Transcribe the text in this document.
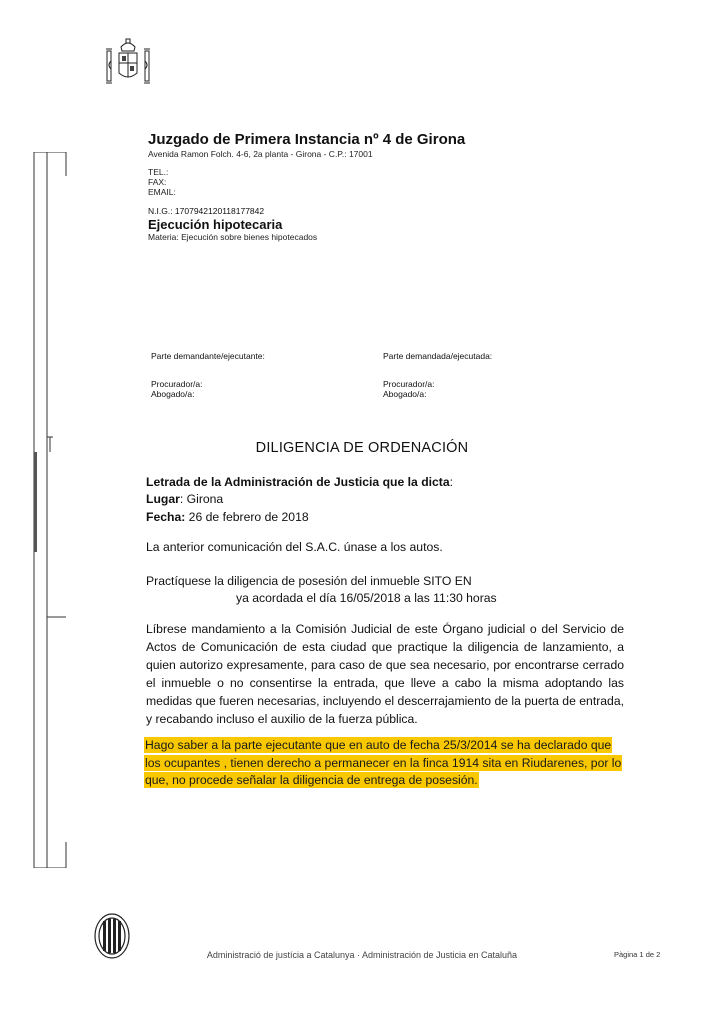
Juzgado de Primera Instancia nº 4 de Girona
Avenida Ramon Folch. 4-6, 2a planta - Girona - C.P.: 17001
TEL.:
FAX:
EMAIL:
N.I.G.: 1707942120118177842
Ejecución hipotecaria
Materia: Ejecución sobre bienes hipotecados
Parte demandante/ejecutante:	Parte demandada/ejecutada:
Procurador/a:
Abogado/a:
Procurador/a:
Abogado/a:
DILIGENCIA DE ORDENACIÓN
Letrada de la Administración de Justicia que la dicta:
Lugar: Girona
Fecha: 26 de febrero de 2018
La anterior comunicación del S.A.C. únase a los autos.
Practíquese la diligencia de posesión del inmueble SITO EN
ya acordada el día 16/05/2018 a las 11:30 horas
Líbrese mandamiento a la Comisión Judicial de este Órgano judicial o del Servicio de Actos de Comunicación de esta ciudad que practique la diligencia de lanzamiento, a quien autorizo expresamente, para caso de que sea necesario, por encontrarse cerrado el inmueble o no consentirse la entrada, que lleve a cabo la misma adoptando las medidas que fueren necesarias, incluyendo el descerrajamiento de la puerta de entrada, y recabando incluso el auxilio de la fuerza pública.
Hago saber a la parte ejecutante que en auto de fecha 25/3/2014 se ha declarado que los ocupantes , tienen derecho a permanecer en la finca 1914 sita en Riudarenes, por lo que, no procede señalar la diligencia de entrega de posesión.
Administració de justícia a Catalunya · Administración de Justicia en Cataluña	Pàgina 1 de 2
